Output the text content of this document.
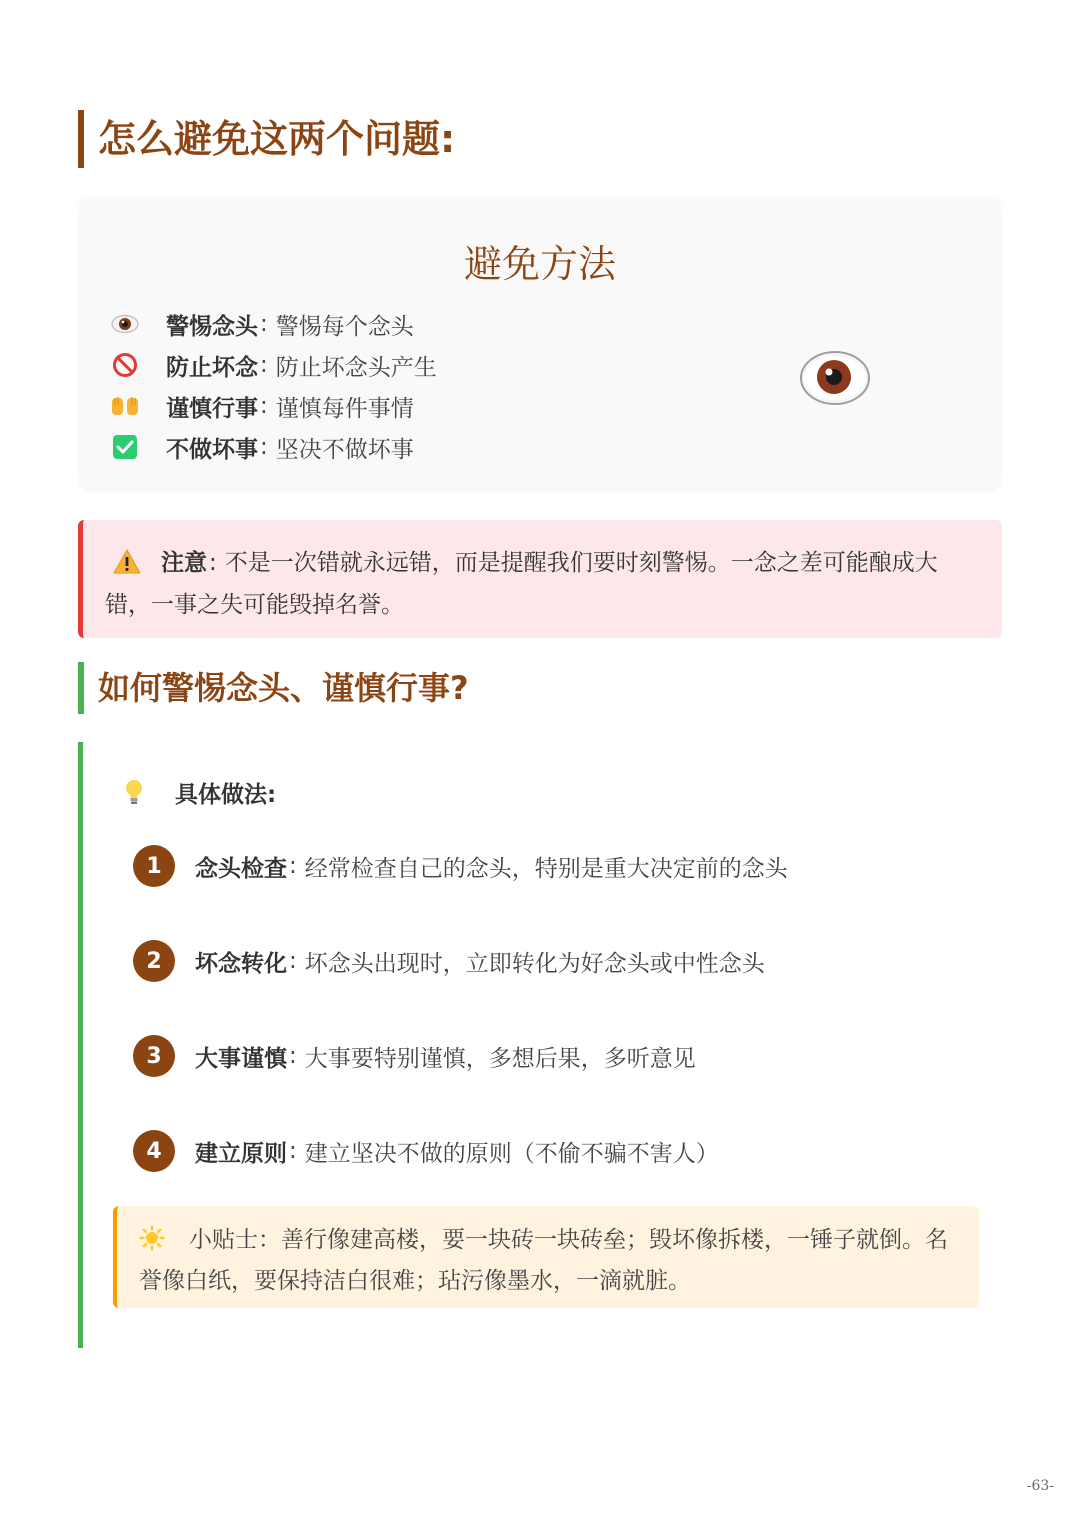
怎么避免这两个问题:
避免方法
警惕念头 : 警惕每个念头
防止坏念 : 防止坏念头产生
谨慎行事 : 谨慎每件事情
不做坏事 : 坚决不做坏事
注意: 不是一次错就永远错，而是提醒我们要时刻警惕。一念之差可能酿成大错，一事之失可能毁掉名誉。
如何警惕念头、谨慎行事?
具体做法:
1	念头检查 : 经常检查自己的念头，特别是重大决定前的念头
2	坏念转化 : 坏念头出现时，立即转化为好念头或中性念头
3	大事谨慎 : 大事要特别谨慎，多想后果，多听意见
4	建立原则 : 建立坚决不做的原则（不偷不骗不害人）
小贴士：善行像建高楼，要一块砖一块砖垒；毁坏像拆楼，一锤子就倒。名誉像白纸，要保持洁白很难；玷污像墨水，一滴就脏。
-63-
